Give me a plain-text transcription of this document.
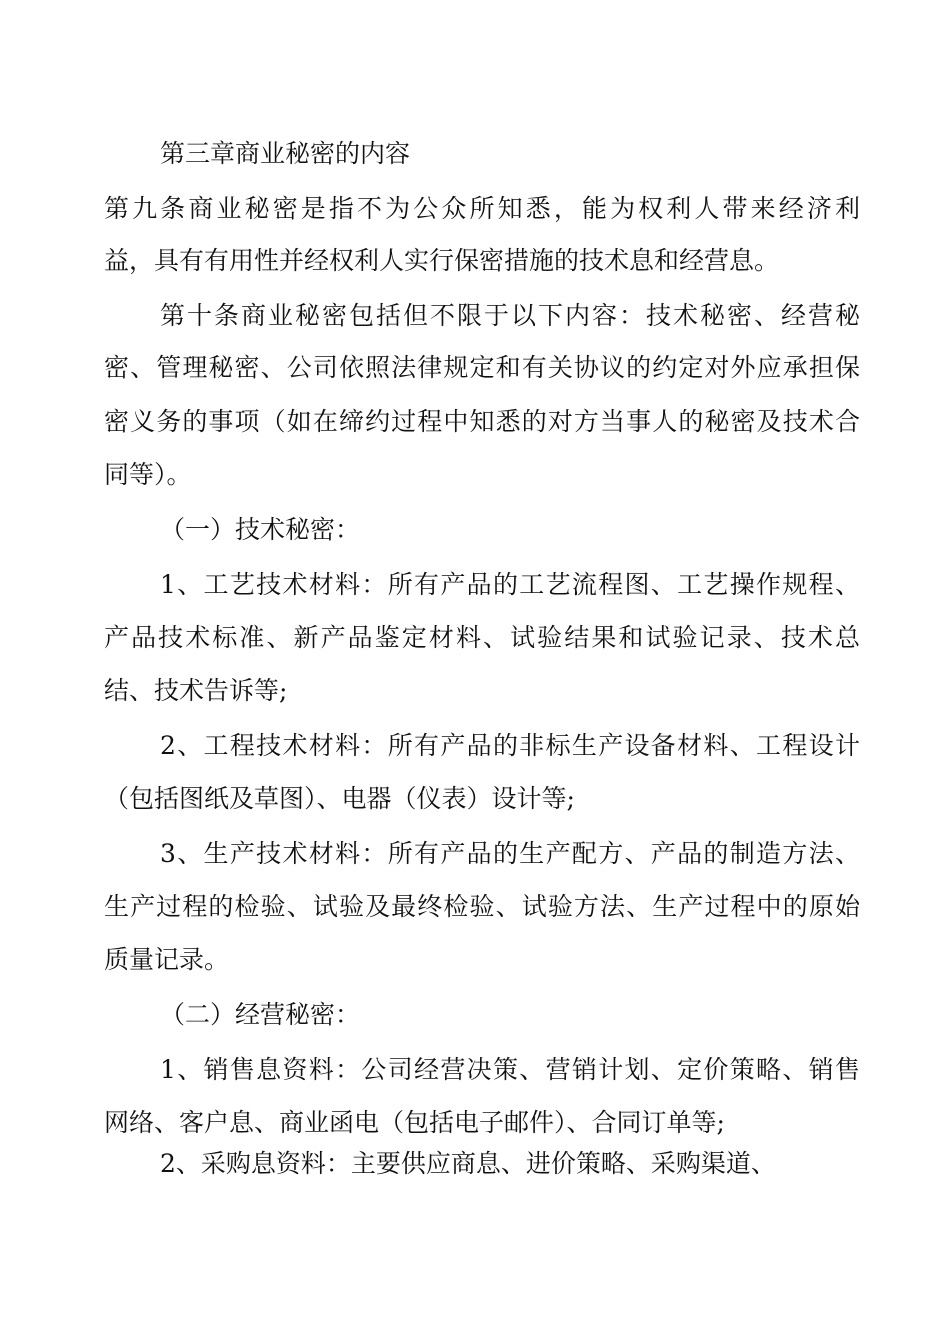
第三章商业秘密的内容
第九条商业秘密是指不为公众所知悉，能为权利人带来经济利
益，具有有用性并经权利人实行保密措施的技术息和经营息。
第十条商业秘密包括但不限于以下内容：技术秘密、经营秘
密、管理秘密、公司依照法律规定和有关协议的约定对外应承担保
密义务的事项（如在缔约过程中知悉的对方当事人的秘密及技术合
同等）。
（一）技术秘密：
1、工艺技术材料：所有产品的工艺流程图、工艺操作规程、
产品技术标准、新产品鉴定材料、试验结果和试验记录、技术总
结、技术告诉等;
2、工程技术材料：所有产品的非标生产设备材料、工程设计
（包括图纸及草图）、电器（仪表）设计等;
3、生产技术材料：所有产品的生产配方、产品的制造方法、
生产过程的检验、试验及最终检验、试验方法、生产过程中的原始
质量记录。
（二）经营秘密：
1、销售息资料：公司经营决策、营销计划、定价策略、销售
网络、客户息、商业函电（包括电子邮件）、合同订单等;
2、采购息资料：主要供应商息、进价策略、采购渠道、
